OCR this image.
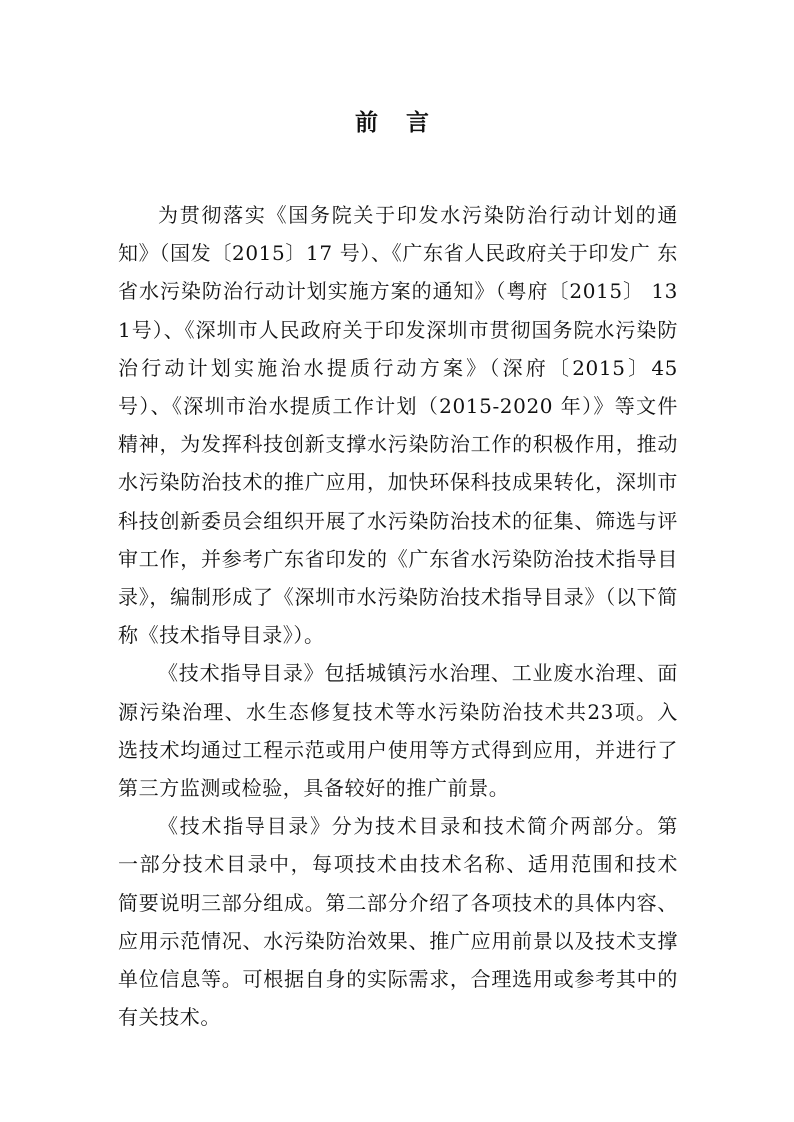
前 言

为贯彻落实《国务院关于印发水污染防治行动计划的通 知》（国发〔2015〕17 号）、《广东省人民政府关于印发广 东省水污染防治行动计划实施方案的通知》（粤府〔2015〕 131号）、《深圳市人民政府关于印发深圳市贯彻国务院水污染防治行动计划实施治水提质行动方案》（深府〔2015〕45 号）、《深圳市治水提质工作计划（2015-2020 年）》等文件精神，为发挥科技创新支撑水污染防治工作的积极作用，推动水污染防治技术的推广应用，加快环保科技成果转化，深圳市科技创新委员会组织开展了水污染防治技术的征集、筛选与评审工作，并参考广东省印发的《广东省水污染防治技术指导目录》，编制形成了《深圳市水污染防治技术指导目录》（以下简称《技术指导目录》）。

《技术指导目录》包括城镇污水治理、工业废水治理、面源污染治理、水生态修复技术等水污染防治技术共23项。入选技术均通过工程示范或用户使用等方式得到应用，并进行了第三方监测或检验，具备较好的推广前景。

《技术指导目录》分为技术目录和技术简介两部分。第 一部分技术目录中，每项技术由技术名称、适用范围和技术 简要说明三部分组成。第二部分介绍了各项技术的具体内容、应用示范情况、水污染防治效果、推广应用前景以及技术支撑单位信息等。可根据自身的实际需求，合理选用或参考其中的有关技术。
